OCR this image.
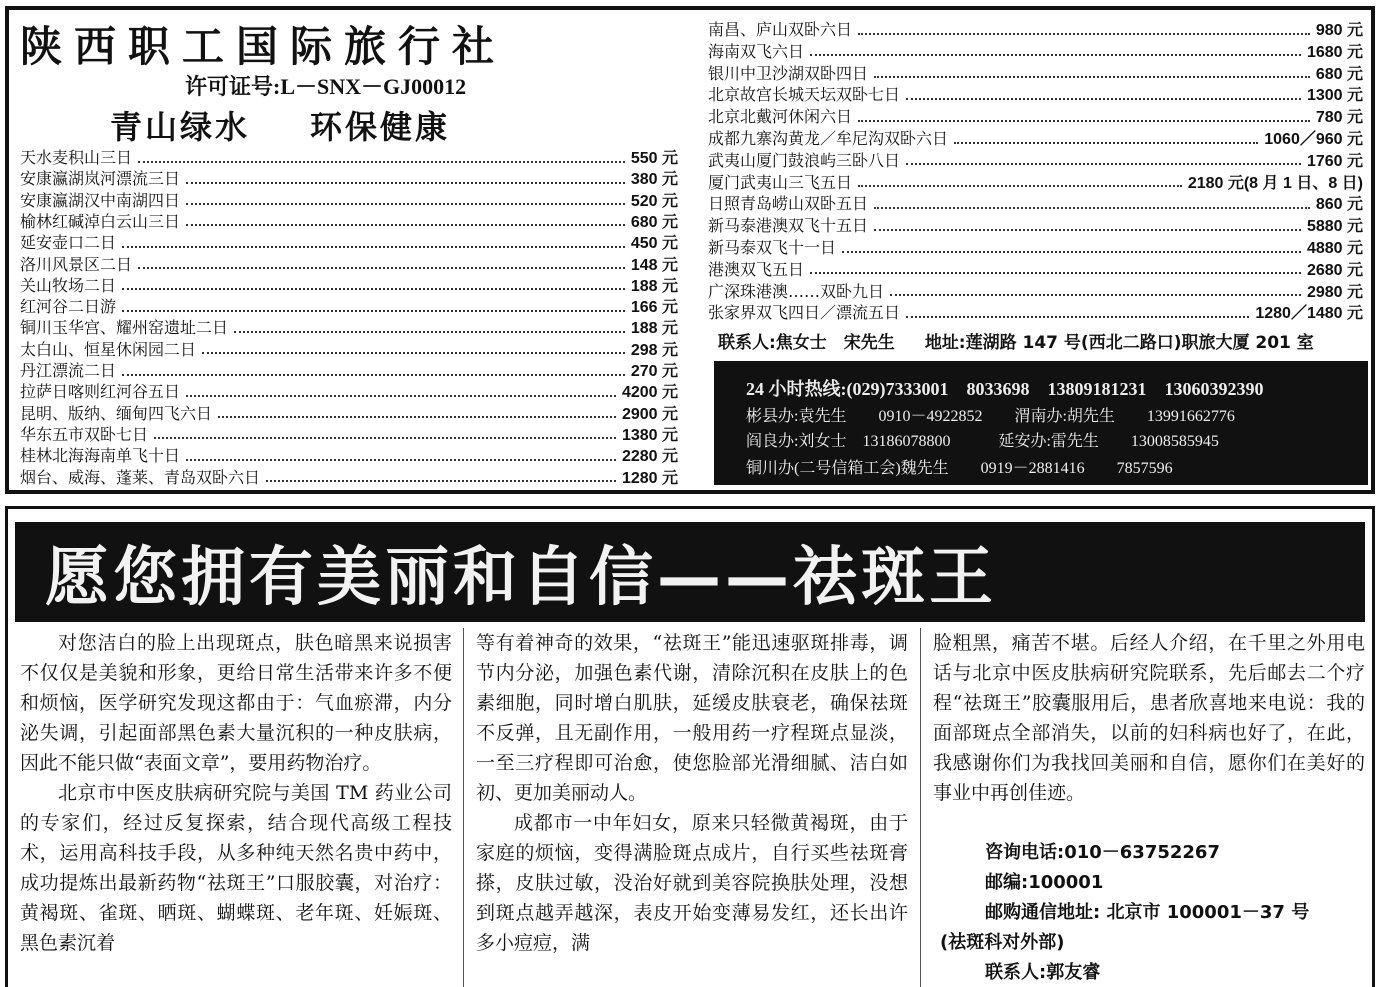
陕西职工国际旅行社
许可证号:L－SNX－GJ00012
青山绿水 环保健康
天水麦积山三日	550 元
安康瀛湖岚河漂流三日	380 元
安康瀛湖汉中南湖四日	520 元
榆林红碱淖白云山三日	680 元
延安壶口二日	450 元
洛川风景区二日	148 元
关山牧场二日	188 元
红河谷二日游	166 元
铜川玉华宫、耀州窑遗址二日	188 元
太白山、恒星休闲园二日	298 元
丹江漂流二日	270 元
拉萨日喀则红河谷五日	4200 元
昆明、版纳、缅甸四飞六日	2900 元
华东五市双卧七日	1380 元
桂林北海海南单飞十日	2280 元
烟台、威海、蓬莱、青岛双卧六日	1280 元
南昌、庐山双卧六日	980 元
海南双飞六日	1680 元
银川中卫沙湖双卧四日	680 元
北京故宫长城天坛双卧七日	1300 元
北京北戴河休闲六日	780 元
成都九寨沟黄龙／牟尼沟双卧六日	1060／960 元
武夷山厦门鼓浪屿三卧八日	1760 元
厦门武夷山三飞五日	2180 元(8 月 1 日、8 日)
日照青岛崂山双卧五日	860 元
新马泰港澳双飞十五日	5880 元
新马泰双飞十一日	4880 元
港澳双飞五日	2680 元
广深珠港澳……双卧九日	2980 元
张家界双飞四日／漂流五日	1280／1480 元
联系人:焦女士　宋先生 地址:莲湖路 147 号(西北二路口)职旅大厦 201 室
24 小时热线:(029)7333001　8033698　13809181231　13060392390
彬县办:袁先生　　0910－4922852　　渭南办:胡先生　　13991662776
阎良办:刘女士　13186078800　　　延安办:雷先生　　13008585945
铜川办(二号信箱工会)魏先生　　0919－2881416　　7857596
愿您拥有美丽和自信——祛斑王

对您洁白的脸上出现斑点，肤色暗黑来说损害不仅仅是美貌和形象，更给日常生活带来许多不便和烦恼，医学研究发现这都由于：气血瘀滞，内分泌失调，引起面部黑色素大量沉积的一种皮肤病，因此不能只做“表面文章”，要用药物治疗。

北京市中医皮肤病研究院与美国 TM 药业公司的专家们，经过反复探索，结合现代高级工程技术，运用高科技手段，从多种纯天然名贵中药中，成功提炼出最新药物“祛斑王”口服胶囊，对治疗：黄褐斑、雀斑、晒斑、蝴蝶斑、老年斑、妊娠斑、黑色素沉着

等有着神奇的效果，“祛斑王”能迅速驱斑排毒，调节内分泌，加强色素代谢，清除沉积在皮肤上的色素细胞，同时增白肌肤，延缓皮肤衰老，确保祛斑不反弹，且无副作用，一般用药一疗程斑点显淡，一至三疗程即可治愈，使您脸部光滑细腻、洁白如初、更加美丽动人。

成都市一中年妇女，原来只轻微黄褐斑，由于家庭的烦恼，变得满脸斑点成片，自行买些祛斑膏搽，皮肤过敏，没治好就到美容院换肤处理，没想到斑点越弄越深，表皮开始变薄易发红，还长出许多小痘痘，满

脸粗黑，痛苦不堪。后经人介绍，在千里之外用电话与北京中医皮肤病研究院联系，先后邮去二个疗程“祛斑王”胶囊服用后，患者欣喜地来电说：我的面部斑点全部消失，以前的妇科病也好了，在此，我感谢你们为我找回美丽和自信，愿你们在美好的事业中再创佳迹。

咨询电话:010－63752267
邮编:100001
邮购通信地址: 北京市 100001－37 号
(祛斑科对外部)
联系人:郭友睿
